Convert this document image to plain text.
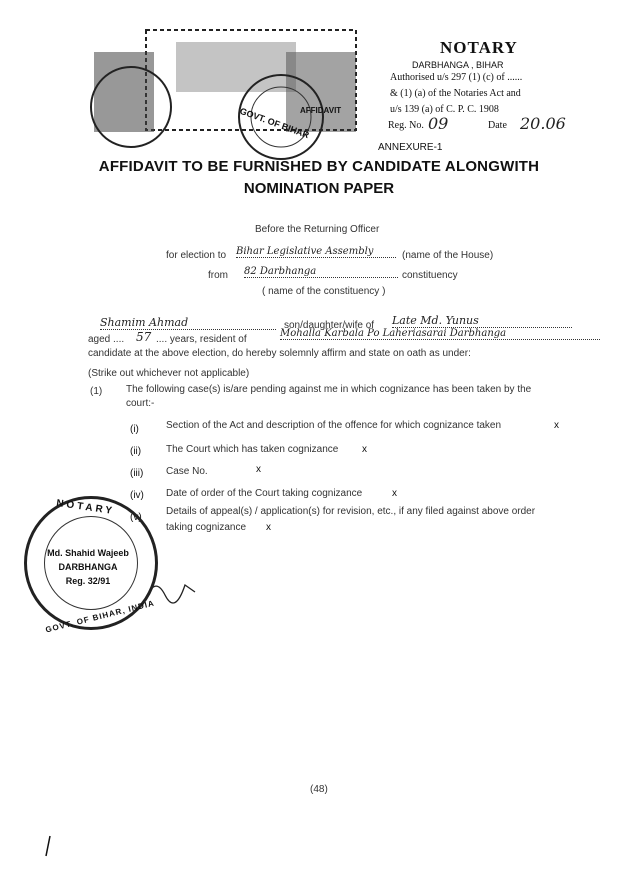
GOVT. OF BIHAR
AFFIDAVIT
NOTARY
DARBHANGA , BIHAR
Authorised u/s 297 (1) (c) of ......
& (1) (a) of the Notaries Act and
u/s 139 (a) of C. P. C. 1908
Reg. No. 09	Date 20.06
ANNEXURE-1
AFFIDAVIT TO BE FURNISHED BY CANDIDATE ALONGWITH
NOMINATION PAPER
Before the Returning Officer
for election to Bihar Legislative Assembly	(name of the House)
from 82 Darbhanga	constituency
( name of the constituency )
Shamim Ahmad	son/daughter/wife of Late Md. Yunus
aged .... 57 .... years, resident of
Mohalla Karbala Po Laheriasarai Darbhanga
candidate at the above election, do hereby solemnly affirm and state on oath as under:
(Strike out whichever not applicable)
(1) The following case(s) is/are pending against me in which cognizance has been taken by the
court:-
(i)	Section of the Act and description of the offence for which cognizance taken	x
(ii) The Court which has taken cognizance x
(iii) Case No.	x
(iv) Date of order of the Court taking cognizance	x
(v)
Details of appeal(s) / application(s) for revision, etc., if any filed against above order
taking cognizance x
NOTARY
GOVT. OF BIHAR, INDIA
Md. Shahid Wajeeb
DARBHANGA
Reg. 32/91
(48)
